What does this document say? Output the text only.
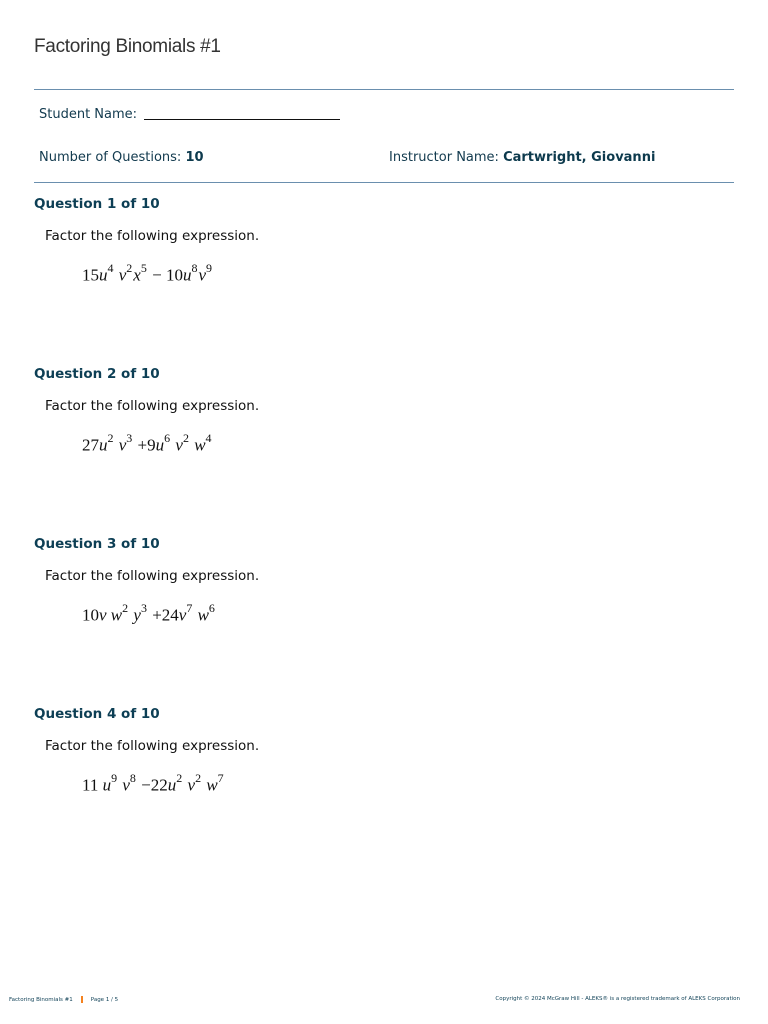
Factoring Binomials #1
Student Name:
Number of Questions: 10	Instructor Name: Cartwright, Giovanni
Question 1 of 10
Factor the following expression.
$15u^4$ $v^2x^5 - 10u^8v^9$
Question 2 of 10
Factor the following expression.
$27u^2$ $v^3 +9u^6$ $v^2$ $w^4$
Question 3 of 10
Factor the following expression.
10v $w^2$ $y^3 +24v^7$ $w^6$
Question 4 of 10
Factor the following expression.
11 $u^9$ $v^8 -22u^2$ $v^2$ $w^7$
Factoring Binomials #1	Page 1 / 5	Copyright © 2024 McGraw Hill - ALEKS® is a registered trademark of ALEKS Corporation
